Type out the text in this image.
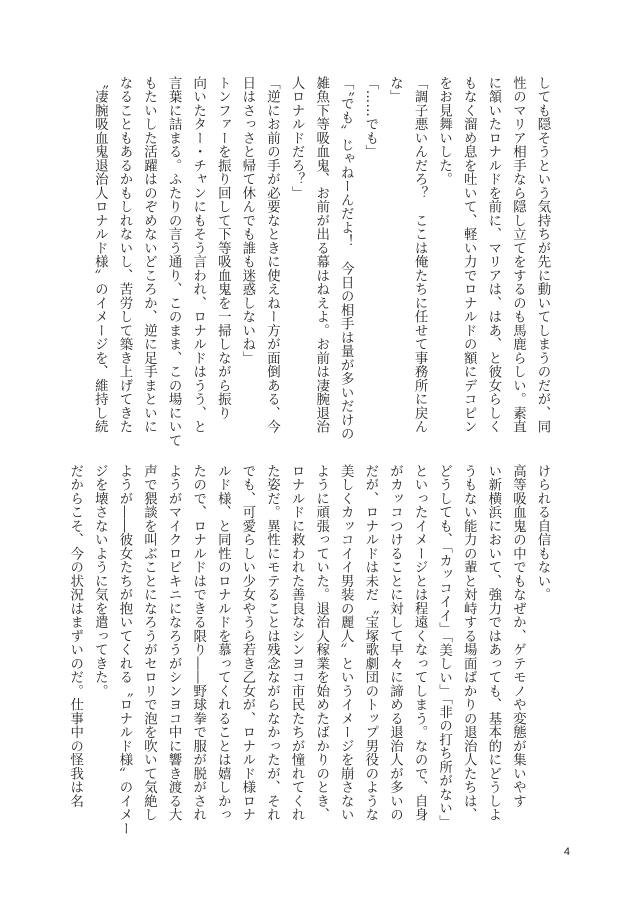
しても隠そうという気持ちが先に動いてしまうのだが、同
性のマリア相手なら隠し立てをするのも馬鹿らしい。素直
に頷いたロナルドを前に、マリアは、はあ、と彼女らしく
もなく溜め息を吐いて、軽い力でロナルドの額にデコピン
をお見舞いした。
「調子悪いんだろ？　ここは俺たちに任せて事務所に戻ん
な」
「……でも」
「〝でも〟じゃねーんだよ！　今日の相手は量が多いだけの
雑魚下等吸血鬼、お前が出る幕はねえよ。お前は凄腕退治
人ロナルドだろ？」
「逆にお前の手が必要なときに使えねー方が面倒ある、今
日はさっさと帰て休んでも誰も迷惑しないね」
トンファーを振り回して下等吸血鬼を一掃しながら振り
向いたター・チャンにもそう言われ、ロナルドはうう、と
言葉に詰まる。ふたりの言う通り、このまま、この場にいて
もたいした活躍はのぞめないどころか、逆に足手まといに
なることもあるかもしれないし、苦労して築き上げてきた
〝凄腕吸血鬼退治人ロナルド様〟のイメージを、維持し続
けられる自信もない。
高等吸血鬼の中でもなぜか、ゲテモノや変態が集いやす
い新横浜において、強力ではあっても、基本的にどうしよ
うもない能力の輩と対峙する場面ばかりの退治人たちは、
どうしても、「カッコイイ」「美しい」「非の打ち所がない」
といったイメージとは程遠くなってしまう。なので、自身
がカッコつけることに対して早々に諦める退治人が多いの
だが、ロナルドは未だ〝宝塚歌劇団のトップ男役のような
美しくカッコイイ男装の麗人〟というイメージを崩さない
ように頑張っていた。退治人稼業を始めたばかりのとき、
ロナルドに救われた善良なシンヨコ市民たちが憧れてくれ
た姿だ。異性にモテることは残念ながらなかったが、それ
でも、可愛らしい少女やうら若き乙女が、ロナルド様ロナ
ルド様、と同性のロナルドを慕ってくれることは嬉しかっ
たので、ロナルドはできる限り――野球拳で服が脱がされ
ようがマイクロビキニになろうがシンヨコ中に響き渡る大
声で猥談を叫ぶことになろうがセロリで泡を吹いて気絶し
ようが――彼女たちが抱いてくれる〝ロナルド様〟のイメー
ジを壊さないように気を遣ってきた。
だからこそ、今の状況はまずいのだ。仕事中の怪我は名
4
